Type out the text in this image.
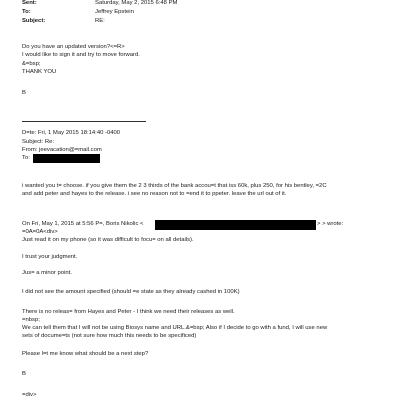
Sent:	Saturday, May 2, 2015 6:48 PM
To:	Jeffrey Epstein
Subject:	RE:
Do you have an updated version?<=R>
I would like to sign it and try to move forward.
&=bsp;
THANK YOU
B
D=te: Fri, 1 May 2015 18:14:40 -0400
Subject: Re:
From: jeevacation@=mail.com
To:
i wanted you t= choose. if you give them the 2 3 thirds of the bank accou=t that iss 60k, plus 250, for his bentley, =2C
and add peter and hayes to the release. i see no reason not to =end it to ppeter. leave the url out of it.
On Fri, May 1, 2015 at 5:56 P=, Boris Nikolic <	> > wrote:
=0A=0A<div>
Just read it on my phone (so it was difficult to focu= on all details).
I trust your judgment.
Jus= a minor point.
I did not see the amount specified (should =e state as they already cashed in 100K)
There is no releas= from Hayes and Peter - I think we need their releases as well.
=nbsp;
We can tell them that I will not be using Biosys name and URL.&=bsp; Also if I decide to go with a fund, I will use new
sets of docume=ts (not sure how much this needs to be specificed)
Please l=t me know what should be a next step?
B
=div>
